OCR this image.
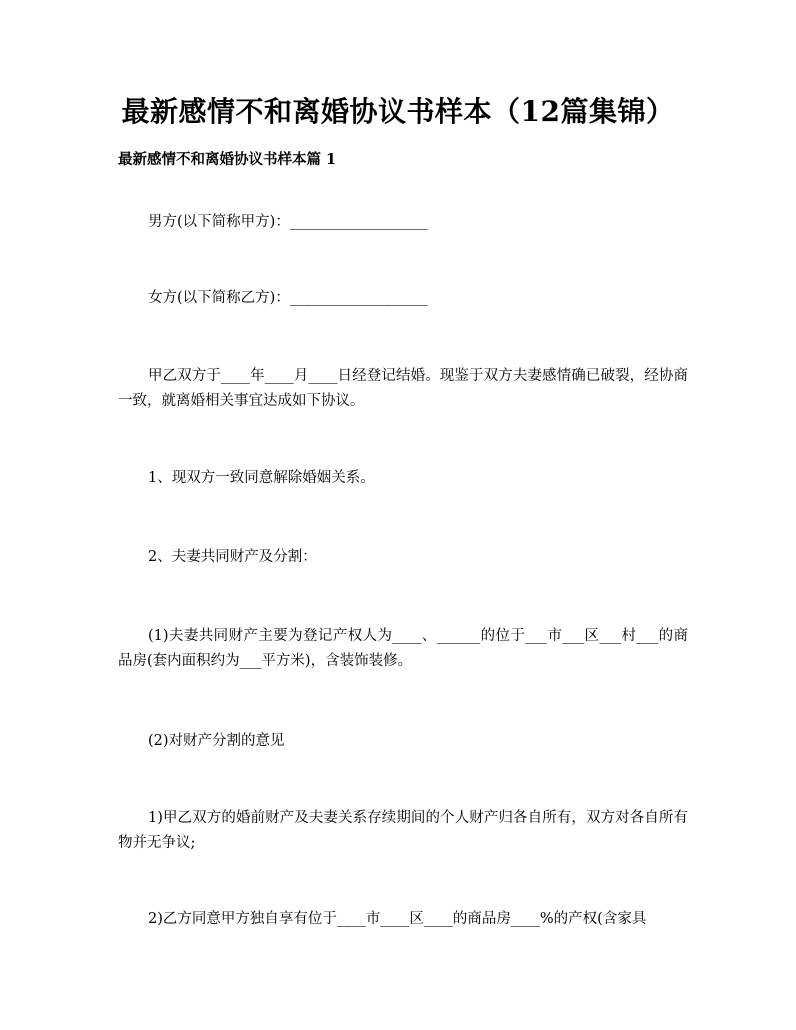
最新感情不和离婚协议书样本（12篇集锦）
最新感情不和离婚协议书样本篇 1
男方(以下简称甲方)：___________________
女方(以下简称乙方)：___________________
甲乙双方于____年____月____日经登记结婚。现鉴于双方夫妻感情确已破裂，经协商一致，就离婚相关事宜达成如下协议。
1、现双方一致同意解除婚姻关系。
2、夫妻共同财产及分割：
(1)夫妻共同财产主要为登记产权人为____、______的位于___市___区___村___的商品房(套内面积约为___平方米)，含装饰装修。
(2)对财产分割的意见
1)甲乙双方的婚前财产及夫妻关系存续期间的个人财产归各自所有，双方对各自所有物并无争议;
2)乙方同意甲方独自享有位于____市____区____的商品房____%的产权(含家具
